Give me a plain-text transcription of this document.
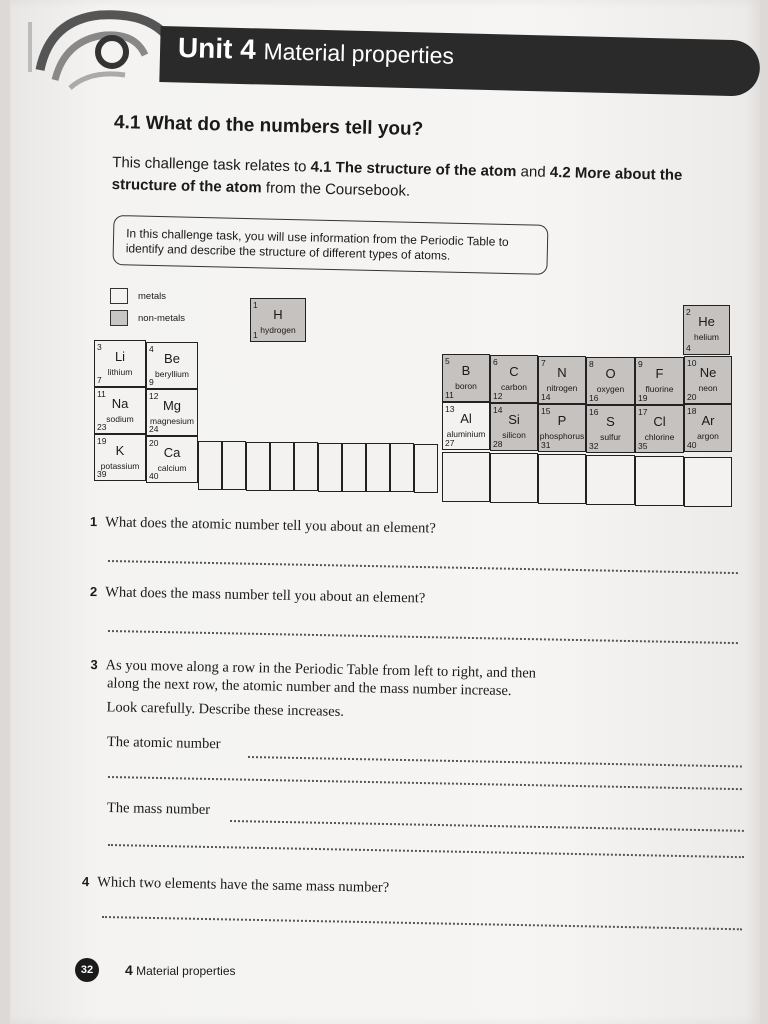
Unit 4 Material properties
4.1 What do the numbers tell you?
This challenge task relates to 4.1 The structure of the atom and 4.2 More about the structure of the atom from the Coursebook.
In this challenge task, you will use information from the Periodic Table to identify and describe the structure of different types of atoms.
metals
non-metals
1
H
hydrogen
1
2
He
helium
4
3
Li
lithium
7
4
Be
beryllium
9
5
B
boron
11
6
C
carbon
12
7
N
nitrogen
14
8
O
oxygen
16
9
F
fluorine
19
10
Ne
neon
20
11
Na
sodium
23
12
Mg
magnesium
24
13
Al
aluminium
27
14
Si
silicon
28
15
P
phosphorus
31
16
S
sulfur
32
17
Cl
chlorine
35
18
Ar
argon
40
19
K
potassium
39
20
Ca
calcium
40
1 What does the atomic number tell you about an element?
2 What does the mass number tell you about an element?
3 As you move along a row in the Periodic Table from left to right, and then
along the next row, the atomic number and the mass number increase.
Look carefully. Describe these increases.
The atomic number
The mass number
4 Which two elements have the same mass number?
32	4 Material properties
